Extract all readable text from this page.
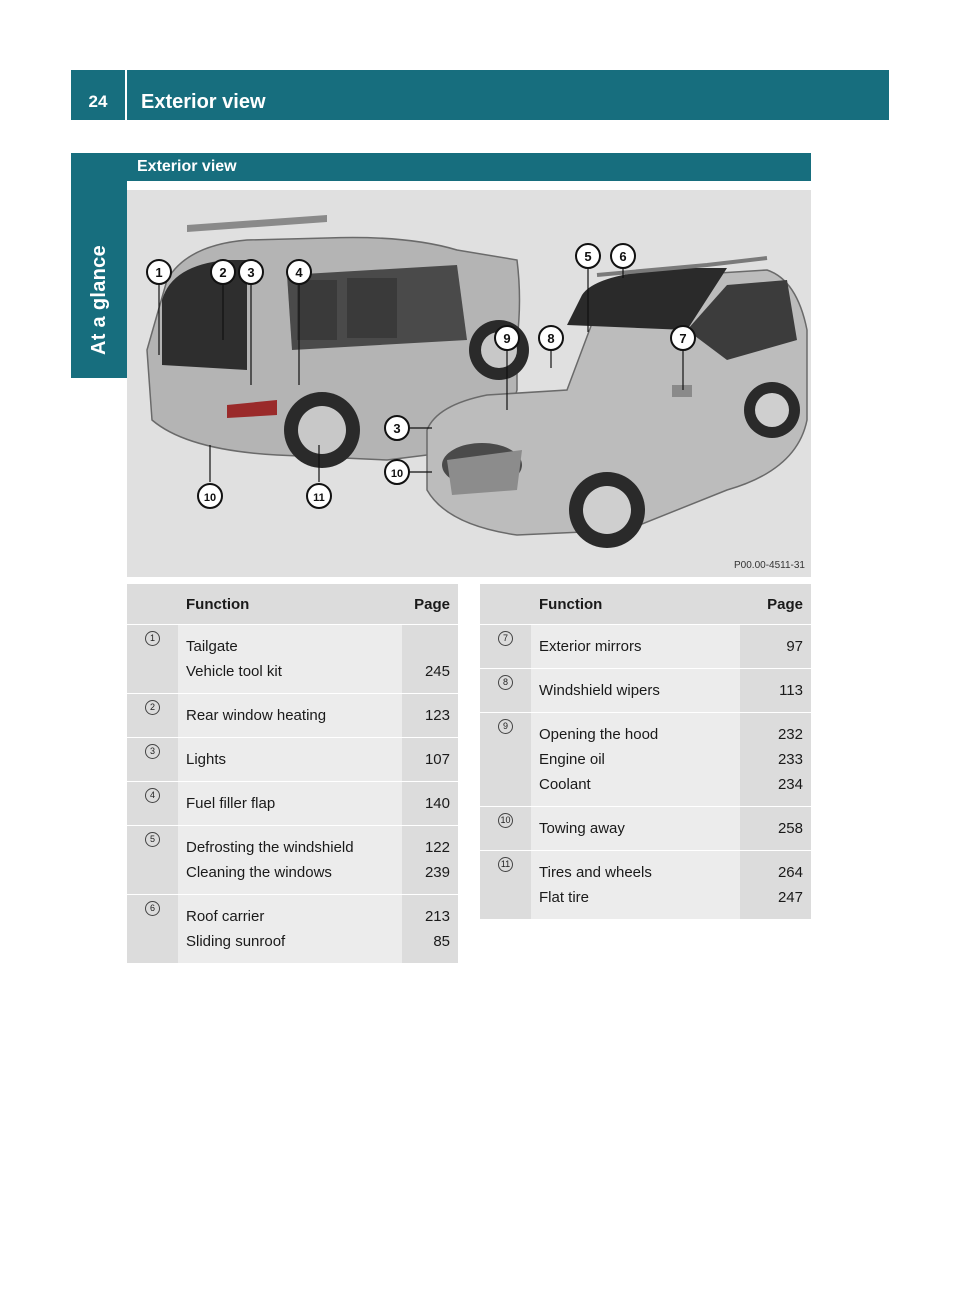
24	Exterior view
At a glance
Exterior view
1	2 3	4
5 6
7
8
9
3
10
10	11
P00.00-4511-31
	Function	Page

1		
	Tailgate	
	Vehicle tool kit	245

2		
	Rear window heating	123

3		
	Lights	107

4		
	Fuel filler flap	140

5		
	Defrosting the windshield	122
	Cleaning the windows	239

6		
	Roof carrier	213
	Sliding sunroof	85

	Function	Page

7		
	Exterior mirrors	97

8		
	Windshield wipers	113

9		
	Opening the hood	232
	Engine oil	233
	Coolant	234

10		
	Towing away	258

11		
	Tires and wheels	264
	Flat tire	247
